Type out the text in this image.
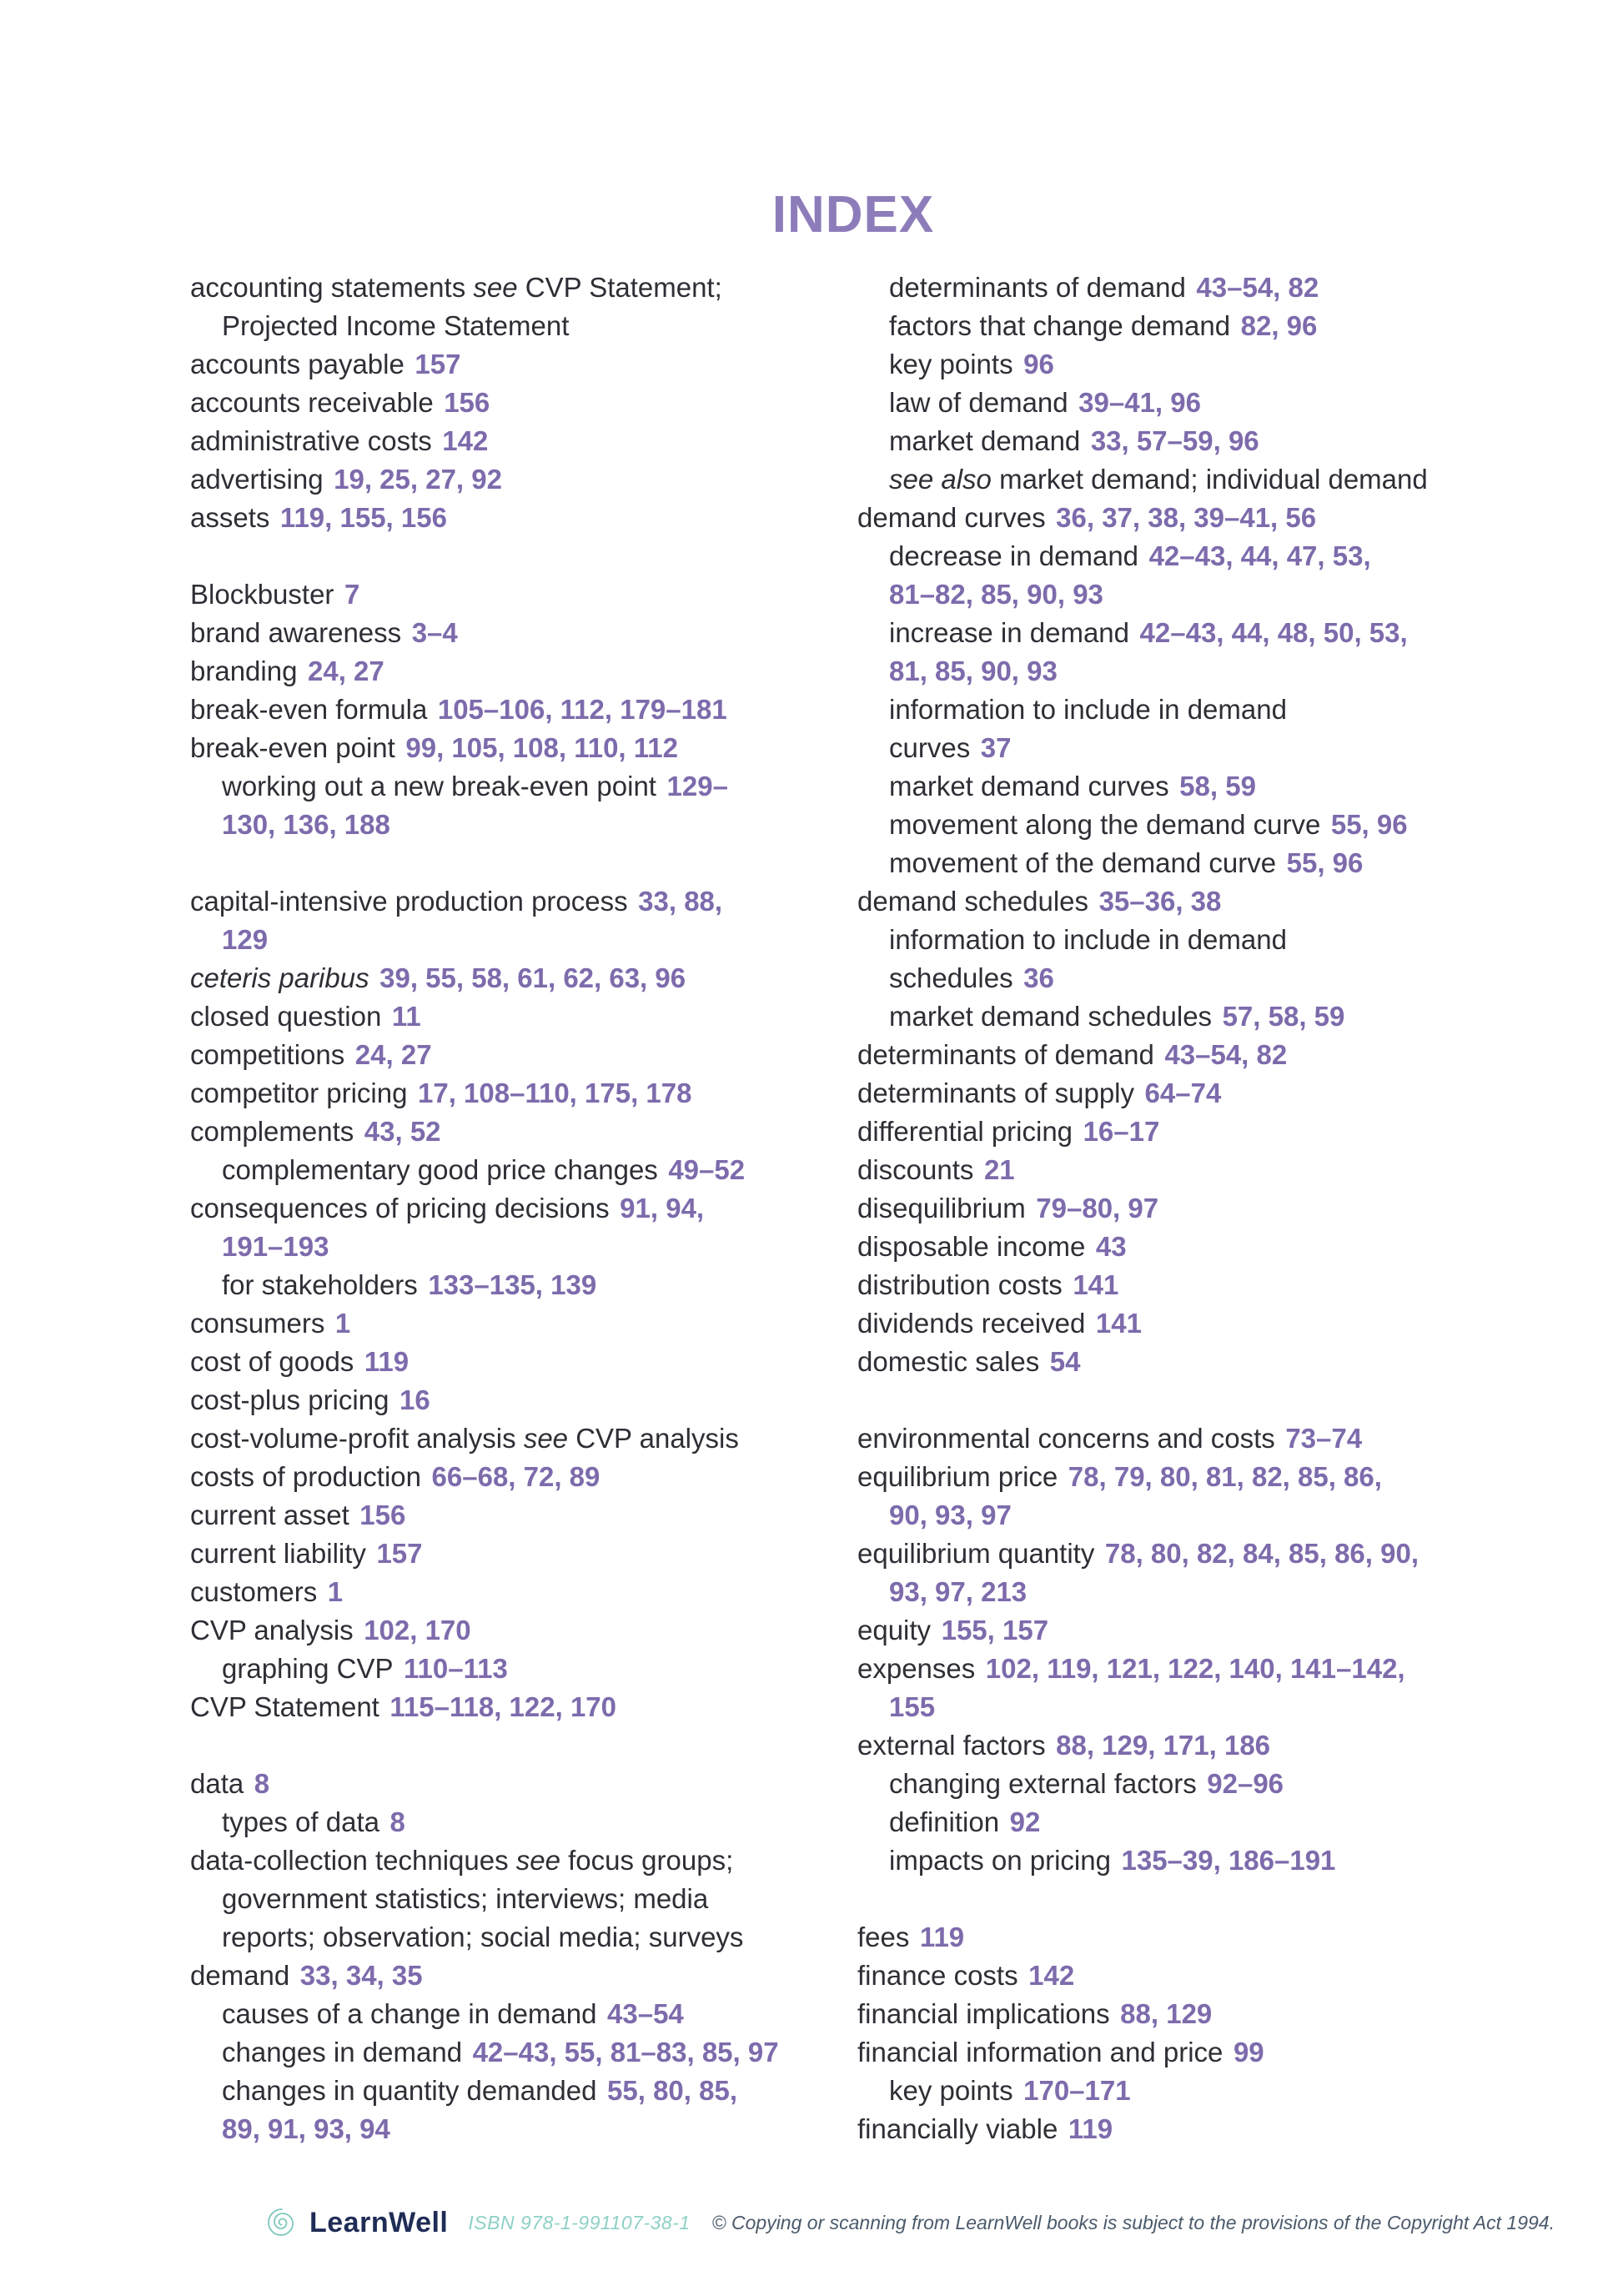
INDEX
accounting statements see CVP Statement;
Projected Income Statement
accounts payable 157
accounts receivable 156
administrative costs 142
advertising 19, 25, 27, 92
assets 119, 155, 156
Blockbuster 7
brand awareness 3–4
branding 24, 27
break-even formula 105–106, 112, 179–181
break-even point 99, 105, 108, 110, 112
working out a new break-even point 129–
130, 136, 188
capital-intensive production process 33, 88,
129
ceteris paribus 39, 55, 58, 61, 62, 63, 96
closed question 11
competitions 24, 27
competitor pricing 17, 108–110, 175, 178
complements 43, 52
complementary good price changes 49–52
consequences of pricing decisions 91, 94,
191–193
for stakeholders 133–135, 139
consumers 1
cost of goods 119
cost-plus pricing 16
cost-volume-profit analysis see CVP analysis
costs of production 66–68, 72, 89
current asset 156
current liability 157
customers 1
CVP analysis 102, 170
graphing CVP 110–113
CVP Statement 115–118, 122, 170
data 8
types of data 8
data-collection techniques see focus groups;
government statistics; interviews; media
reports; observation; social media; surveys
demand 33, 34, 35
causes of a change in demand 43–54
changes in demand 42–43, 55, 81–83, 85, 97
changes in quantity demanded 55, 80, 85,
89, 91, 93, 94
determinants of demand 43–54, 82
factors that change demand 82, 96
key points 96
law of demand 39–41, 96
market demand 33, 57–59, 96
see also market demand; individual demand
demand curves 36, 37, 38, 39–41, 56
decrease in demand 42–43, 44, 47, 53,
81–82, 85, 90, 93
increase in demand 42–43, 44, 48, 50, 53,
81, 85, 90, 93
information to include in demand
curves 37
market demand curves 58, 59
movement along the demand curve 55, 96
movement of the demand curve 55, 96
demand schedules 35–36, 38
information to include in demand
schedules 36
market demand schedules 57, 58, 59
determinants of demand 43–54, 82
determinants of supply 64–74
differential pricing 16–17
discounts 21
disequilibrium 79–80, 97
disposable income 43
distribution costs 141
dividends received 141
domestic sales 54
environmental concerns and costs 73–74
equilibrium price 78, 79, 80, 81, 82, 85, 86,
90, 93, 97
equilibrium quantity 78, 80, 82, 84, 85, 86, 90,
93, 97, 213
equity 155, 157
expenses 102, 119, 121, 122, 140, 141–142,
155
external factors 88, 129, 171, 186
changing external factors 92–96
definition 92
impacts on pricing 135–39, 186–191
fees 119
finance costs 142
financial implications 88, 129
financial information and price 99
key points 170–171
financially viable 119
LearnWell ISBN 978-1-991107-38-1 © Copying or scanning from LearnWell books is subject to the provisions of the Copyright Act 1994.
